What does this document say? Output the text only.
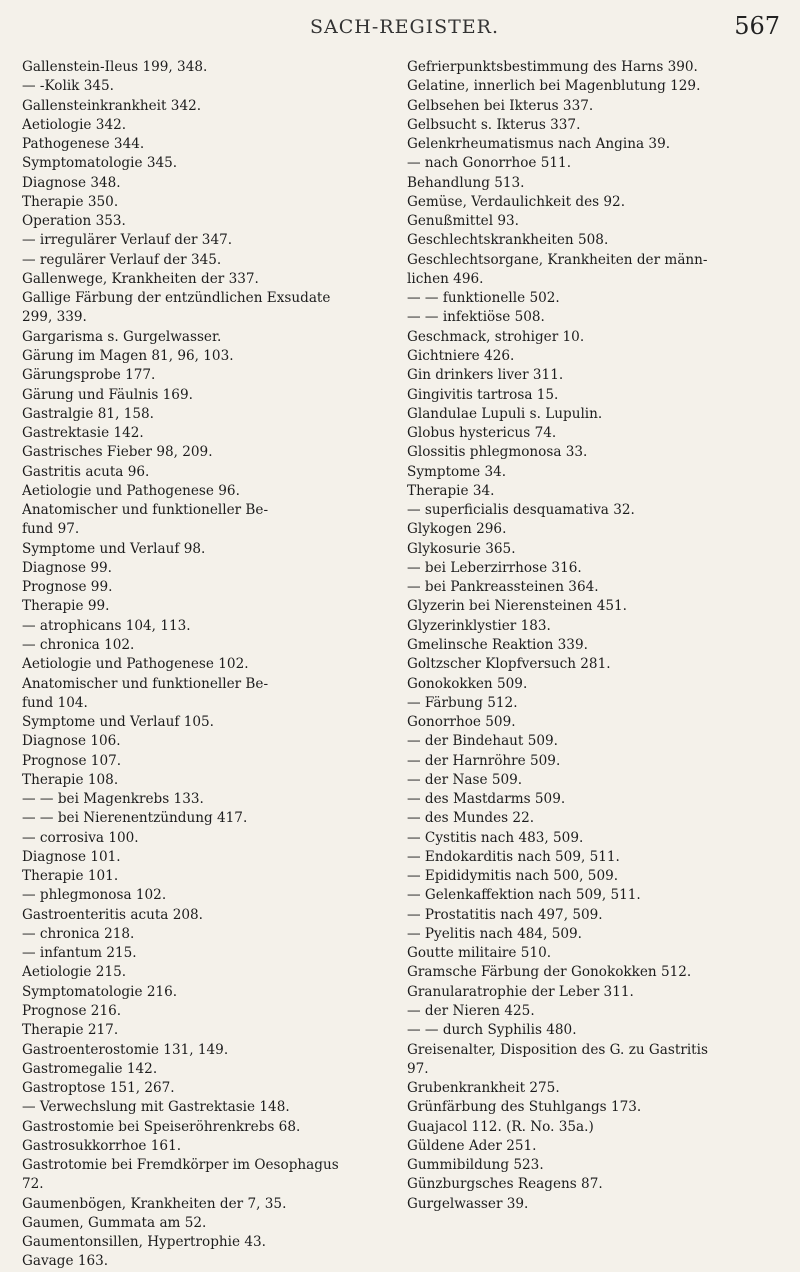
SACH-REGISTER.	567
Gallenstein-Ileus 199, 348.
— -Kolik 345.
Gallensteinkrankheit 342.
Aetiologie 342.
Pathogenese 344.
Symptomatologie 345.
Diagnose 348.
Therapie 350.
Operation 353.
— irregulärer Verlauf der 347.
— regulärer Verlauf der 345.
Gallenwege, Krankheiten der 337.
Gallige Färbung der entzündlichen Exsudate
299, 339.
Gargarisma s. Gurgelwasser.
Gärung im Magen 81, 96, 103.
Gärungsprobe 177.
Gärung und Fäulnis 169.
Gastralgie 81, 158.
Gastrektasie 142.
Gastrisches Fieber 98, 209.
Gastritis acuta 96.
Aetiologie und Pathogenese 96.
Anatomischer und funktioneller Be-
fund 97.
Symptome und Verlauf 98.
Diagnose 99.
Prognose 99.
Therapie 99.
— atrophicans 104, 113.
— chronica 102.
Aetiologie und Pathogenese 102.
Anatomischer und funktioneller Be-
fund 104.
Symptome und Verlauf 105.
Diagnose 106.
Prognose 107.
Therapie 108.
— — bei Magenkrebs 133.
— — bei Nierenentzündung 417.
— corrosiva 100.
Diagnose 101.
Therapie 101.
— phlegmonosa 102.
Gastroenteritis acuta 208.
— chronica 218.
— infantum 215.
Aetiologie 215.
Symptomatologie 216.
Prognose 216.
Therapie 217.
Gastroenterostomie 131, 149.
Gastromegalie 142.
Gastroptose 151, 267.
— Verwechslung mit Gastrektasie 148.
Gastrostomie bei Speiseröhrenkrebs 68.
Gastrosukkorrhoe 161.
Gastrotomie bei Fremdkörper im Oesophagus
72.
Gaumenbögen, Krankheiten der 7, 35.
Gaumen, Gummata am 52.
Gaumentonsillen, Hypertrophie 43.
Gavage 163.
Gefrierpunktsbestimmung des Harns 390.
Gelatine, innerlich bei Magenblutung 129.
Gelbsehen bei Ikterus 337.
Gelbsucht s. Ikterus 337.
Gelenkrheumatismus nach Angina 39.
— nach Gonorrhoe 511.
Behandlung 513.
Gemüse, Verdaulichkeit des 92.
Genußmittel 93.
Geschlechtskrankheiten 508.
Geschlechtsorgane, Krankheiten der männ-
lichen 496.
— — funktionelle 502.
— — infektiöse 508.
Geschmack, strohiger 10.
Gichtniere 426.
Gin drinkers liver 311.
Gingivitis tartrosa 15.
Glandulae Lupuli s. Lupulin.
Globus hystericus 74.
Glossitis phlegmonosa 33.
Symptome 34.
Therapie 34.
— superficialis desquamativa 32.
Glykogen 296.
Glykosurie 365.
— bei Leberzirrhose 316.
— bei Pankreassteinen 364.
Glyzerin bei Nierensteinen 451.
Glyzerinklystier 183.
Gmelinsche Reaktion 339.
Goltzscher Klopfversuch 281.
Gonokokken 509.
— Färbung 512.
Gonorrhoe 509.
— der Bindehaut 509.
— der Harnröhre 509.
— der Nase 509.
— des Mastdarms 509.
— des Mundes 22.
— Cystitis nach 483, 509.
— Endokarditis nach 509, 511.
— Epididymitis nach 500, 509.
— Gelenkaffektion nach 509, 511.
— Prostatitis nach 497, 509.
— Pyelitis nach 484, 509.
Goutte militaire 510.
Gramsche Färbung der Gonokokken 512.
Granularatrophie der Leber 311.
— der Nieren 425.
— — durch Syphilis 480.
Greisenalter, Disposition des G. zu Gastritis
97.
Grubenkrankheit 275.
Grünfärbung des Stuhlgangs 173.
Guajacol 112. (R. No. 35a.)
Güldene Ader 251.
Gummibildung 523.
Günzburgsches Reagens 87.
Gurgelwasser 39.
